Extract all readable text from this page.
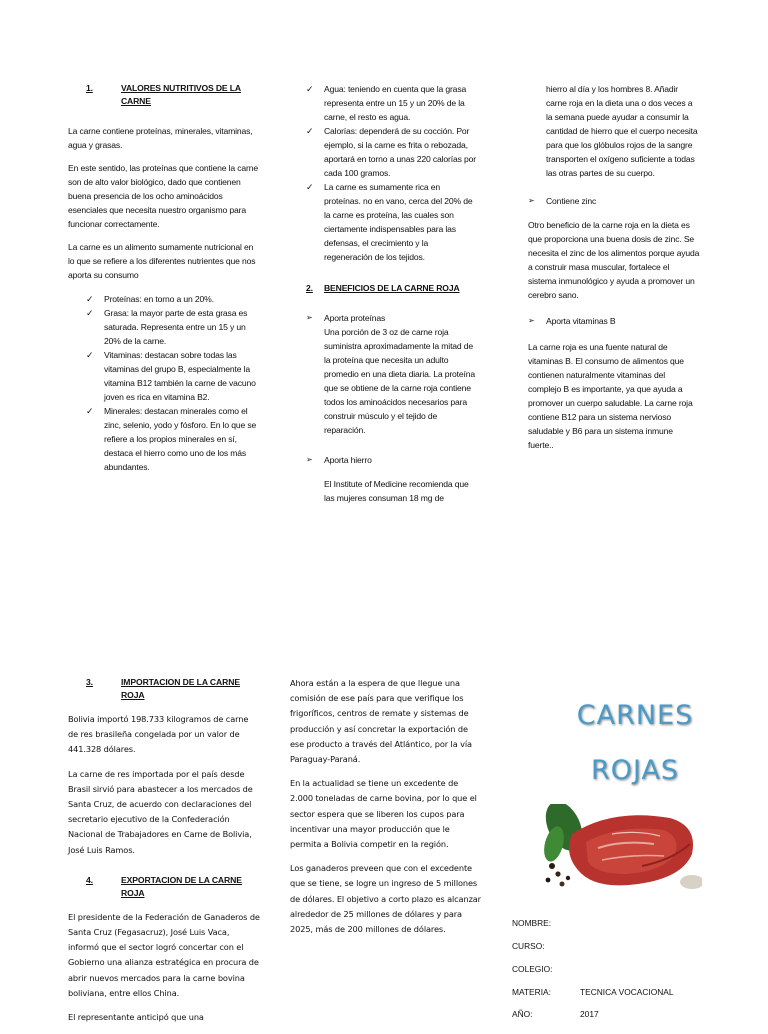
1.	VALORES NUTRITIVOS DE LA
CARNE

La carne contiene proteínas, minerales, vitaminas, agua y grasas.

En este sentido, las proteínas que contiene la carne son de alto valor biológico, dado que contienen buena presencia de los ocho aminoácidos esenciales que necesita nuestro organismo para funcionar correctamente.

La carne es un alimento sumamente nutricional en lo que se refiere a los diferentes nutrientes que nos aporta su consumo

✓ Proteínas: en torno a un 20%.
✓ Grasa: la mayor parte de esta grasa es saturada. Representa entre un 15 y un 20% de la carne.
✓ Vitaminas: destacan sobre todas las vitaminas del grupo B, especialmente la vitamina B12 también la carne de vacuno joven es rica en vitamina B2.
✓ Minerales: destacan minerales como el zinc, selenio, yodo y fósforo. En lo que se refiere a los propios minerales en sí, destaca el hierro como uno de los más abundantes.
✓ Agua: teniendo en cuenta que la grasa representa entre un 15 y un 20% de la carne, el resto es agua.
✓ Calorías: dependerá de su cocción. Por ejemplo, si la carne es frita o rebozada, aportará en torno a unas 220 calorías por cada 100 gramos.
✓ La carne es sumamente rica en proteínas. no en vano, cerca del 20% de la carne es proteína, las cuales son ciertamente indispensables para las defensas, el crecimiento y la regeneración de los tejidos.
2.	BENEFICIOS DE LA CARNE ROJA
➢ Aporta proteínas

Una porción de 3 oz de carne roja suministra aproximadamente la mitad de la proteína que necesita un adulto promedio en una dieta diaria. La proteína que se obtiene de la carne roja contiene todos los aminoácidos necesarios para construir músculo y el tejido de reparación.

➢ Aporta hierro

El Institute of Medicine recomienda que las mujeres consuman 18 mg de

hierro al día y los hombres 8. Añadir carne roja en la dieta una o dos veces a la semana puede ayudar a consumir la cantidad de hierro que el cuerpo necesita para que los glóbulos rojos de la sangre transporten el oxígeno suficiente a todas las otras partes de su cuerpo.

➢ Contiene zinc

Otro beneficio de la carne roja en la dieta es que proporciona una buena dosis de zinc. Se necesita el zinc de los alimentos porque ayuda a construir masa muscular, fortalece el sistema inmunológico y ayuda a promover un cerebro sano.

➢ Aporta vitaminas B

La carne roja es una fuente natural de vitaminas B. El consumo de alimentos que contienen naturalmente vitaminas del complejo B es importante, ya que ayuda a promover un cuerpo saludable. La carne roja contiene B12 para un sistema nervioso saludable y B6 para un sistema inmune fuerte..

3.	IMPORTACION DE LA CARNE ROJA

Bolivia importó 198.733 kilogramos de carne de res brasileña congelada por un valor de 441.328 dólares.

La carne de res importada por el país desde Brasil sirvió para abastecer a los mercados de Santa Cruz, de acuerdo con declaraciones del secretario ejecutivo de la Confederación Nacional de Trabajadores en Carne de Bolivia, José Luis Ramos.

4.	EXPORTACION DE LA CARNE ROJA

El presidente de la Federación de Ganaderos de Santa Cruz (Fegasacruz), José Luis Vaca, informó que el sector logró concertar con el Gobierno una alianza estratégica en procura de abrir nuevos mercados para la carne bovina boliviana, entre ellos China.

El representante anticipó que una

Ahora están a la espera de que llegue una comisión de ese país para que verifique los frigoríficos, centros de remate y sistemas de producción y así concretar la exportación de ese producto a través del Atlántico, por la vía Paraguay-Paraná.

En la actualidad se tiene un excedente de 2.000 toneladas de carne bovina, por lo que el sector espera que se liberen los cupos para incentivar una mayor producción que le permita a Bolivia competir en la región.

Los ganaderos preveen que con el excedente que se tiene, se logre un ingreso de 5 millones de dólares. El objetivo a corto plazo es alcanzar alrededor de 25 millones de dólares y para 2025, más de 200 millones de dólares.

CARNES
ROJAS
NOMBRE:
CURSO:
COLEGIO:
MATERIA:	TECNICA VOCACIONAL
AÑO:	2017
